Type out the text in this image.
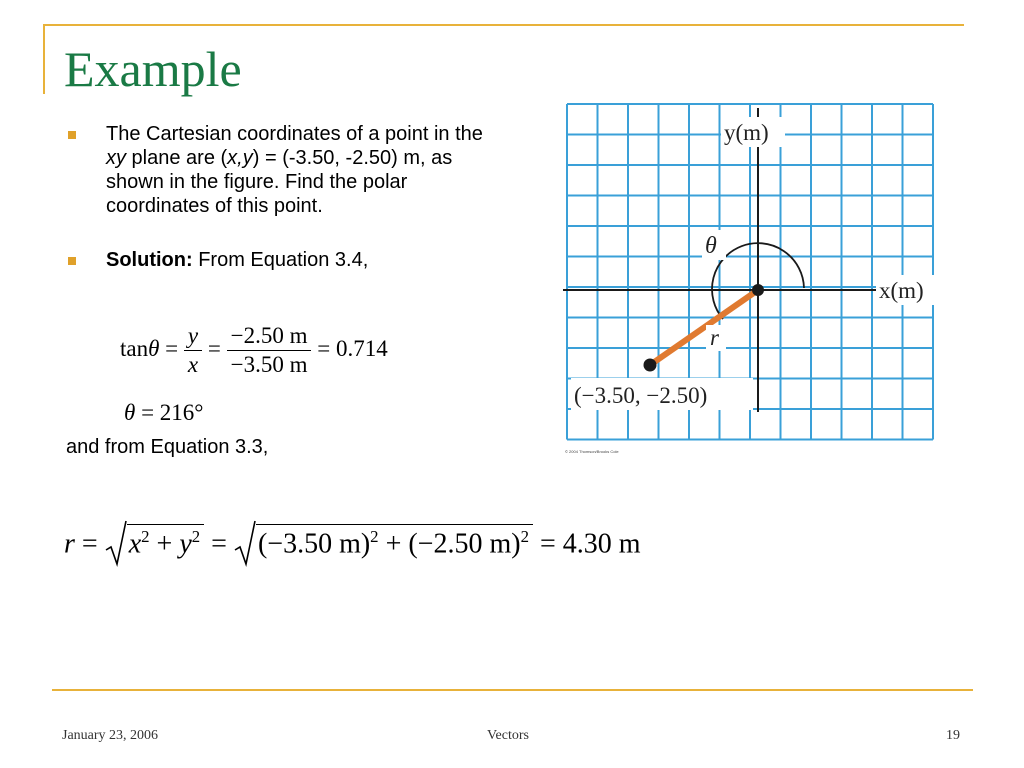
Example
The Cartesian coordinates of a point in the xy plane are (x,y) = (-3.50, -2.50) m, as shown in the figure. Find the polar coordinates of this point.
Solution: From Equation 3.4,
$\tan\theta = \frac{y}{x} = \frac{-2.50 m}{-3.50 m} = 0.714$
θ = 216°
and from Equation 3.3,
$r = x^2 + y^2 = (-3.50$ m)$^2$ + (−2.50 m)$^2$ = 4.30 m
y(m)
x(m)
θ
r
(−3.50, −2.50)
© 2004 Thomson/Brooks Cole
January 23, 2006	Vectors	19
